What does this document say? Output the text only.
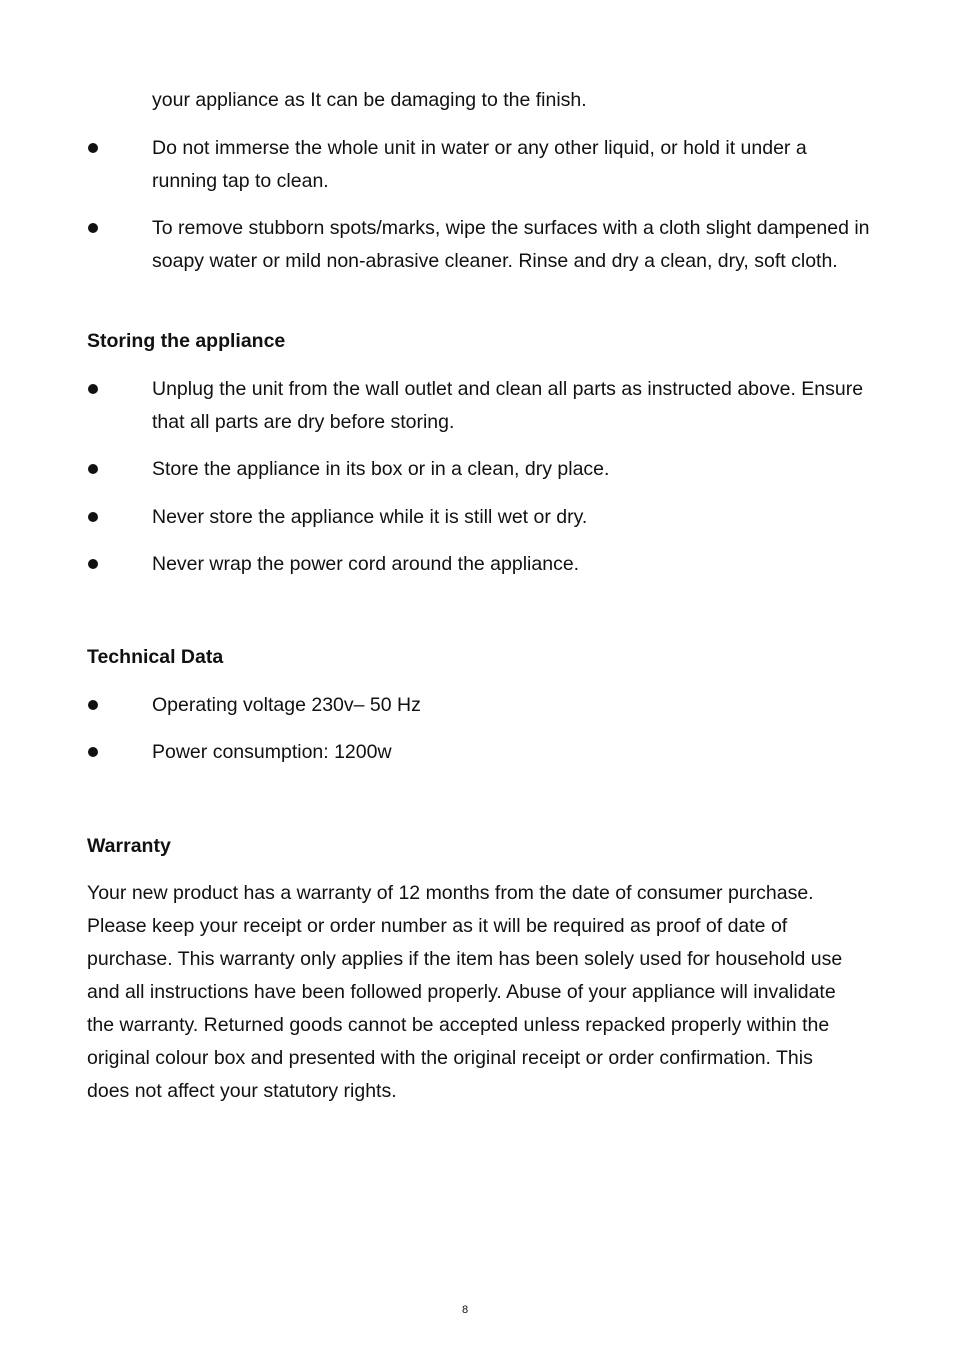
your appliance as It can be damaging to the finish.
Do not immerse the whole unit in water or any other liquid, or hold it under a running tap to clean.
To remove stubborn spots/marks, wipe the surfaces with a cloth slight dampened in soapy water or mild non-abrasive cleaner. Rinse and dry a clean, dry, soft cloth.
Storing the appliance
Unplug the unit from the wall outlet and clean all parts as instructed above. Ensure that all parts are dry before storing.
Store the appliance in its box or in a clean, dry place.
Never store the appliance while it is still wet or dry.
Never wrap the power cord around the appliance.
Technical Data
Operating voltage 230v– 50 Hz
Power consumption: 1200w
Warranty
Your new product has a warranty of 12 months from the date of consumer purchase. Please keep your receipt or order number as it will be required as proof of date of purchase. This warranty only applies if the item has been solely used for household use and all instructions have been followed properly. Abuse of your appliance will invalidate the warranty. Returned goods cannot be accepted unless repacked properly within the original colour box and presented with the original receipt or order confirmation. This does not affect your statutory rights.
8
